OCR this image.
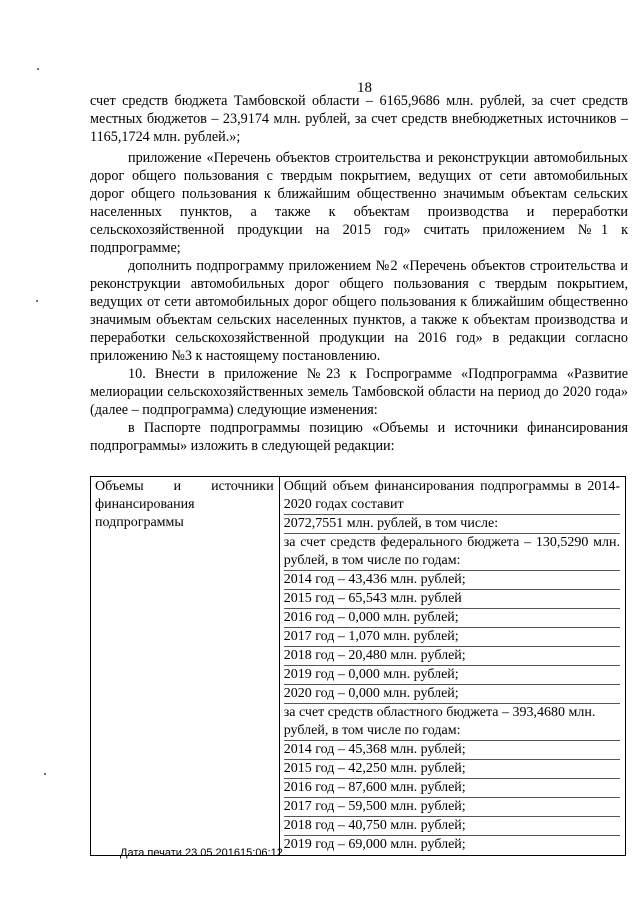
18

счет средств бюджета Тамбовской области – 6165,9686 млн. рублей, за счет средств местных бюджетов – 23,9174 млн. рублей, за счет средств внебюджетных источников – 1165,1724 млн. рублей.»;

приложение «Перечень объектов строительства и реконструкции автомобильных дорог общего пользования с твердым покрытием, ведущих от сети автомобильных дорог общего пользования к ближайшим общественно значимым объектам сельских населенных пунктов, а также к объектам производства и переработки сельскохозяйственной продукции на 2015 год» считать приложением №1 к подпрограмме;

дополнить подпрограмму приложением №2 «Перечень объектов строительства и реконструкции автомобильных дорог общего пользования с твердым покрытием, ведущих от сети автомобильных дорог общего пользования к ближайшим общественно значимым объектам сельских населенных пунктов, а также к объектам производства и переработки сельскохозяйственной продукции на 2016 год» в редакции согласно приложению №3 к настоящему постановлению.

10. Внести в приложение №23 к Госпрограмме «Подпрограмма «Развитие мелиорации сельскохозяйственных земель Тамбовской области на период до 2020 года» (далее – подпрограмма) следующие изменения:

в Паспорте подпрограммы позицию «Объемы и источники финансирования подпрограммы» изложить в следующей редакции:

Объемы и источники финансирования подпрограммы

Общий объем финансирования подпрограммы в 2014-2020 годах составит
2072,7551 млн. рублей, в том числе:
за счет средств федерального бюджета – 130,5290 млн. рублей, в том числе по годам:
2014 год – 43,436 млн. рублей;
2015 год – 65,543 млн. рублей
2016 год – 0,000 млн. рублей;
2017 год – 1,070 млн. рублей;
2018 год – 20,480 млн. рублей;
2019 год – 0,000 млн. рублей;
2020 год – 0,000 млн. рублей;
за счет средств областного бюджета – 393,4680 млн. рублей, в том числе по годам:
2014 год – 45,368 млн. рублей;
2015 год – 42,250 млн. рублей;
2016 год – 87,600 млн. рублей;
2017 год – 59,500 млн. рублей;
2018 год – 40,750 млн. рублей;
2019 год – 69,000 млн. рублей;
Дата печати 23.05.201615:06:12
